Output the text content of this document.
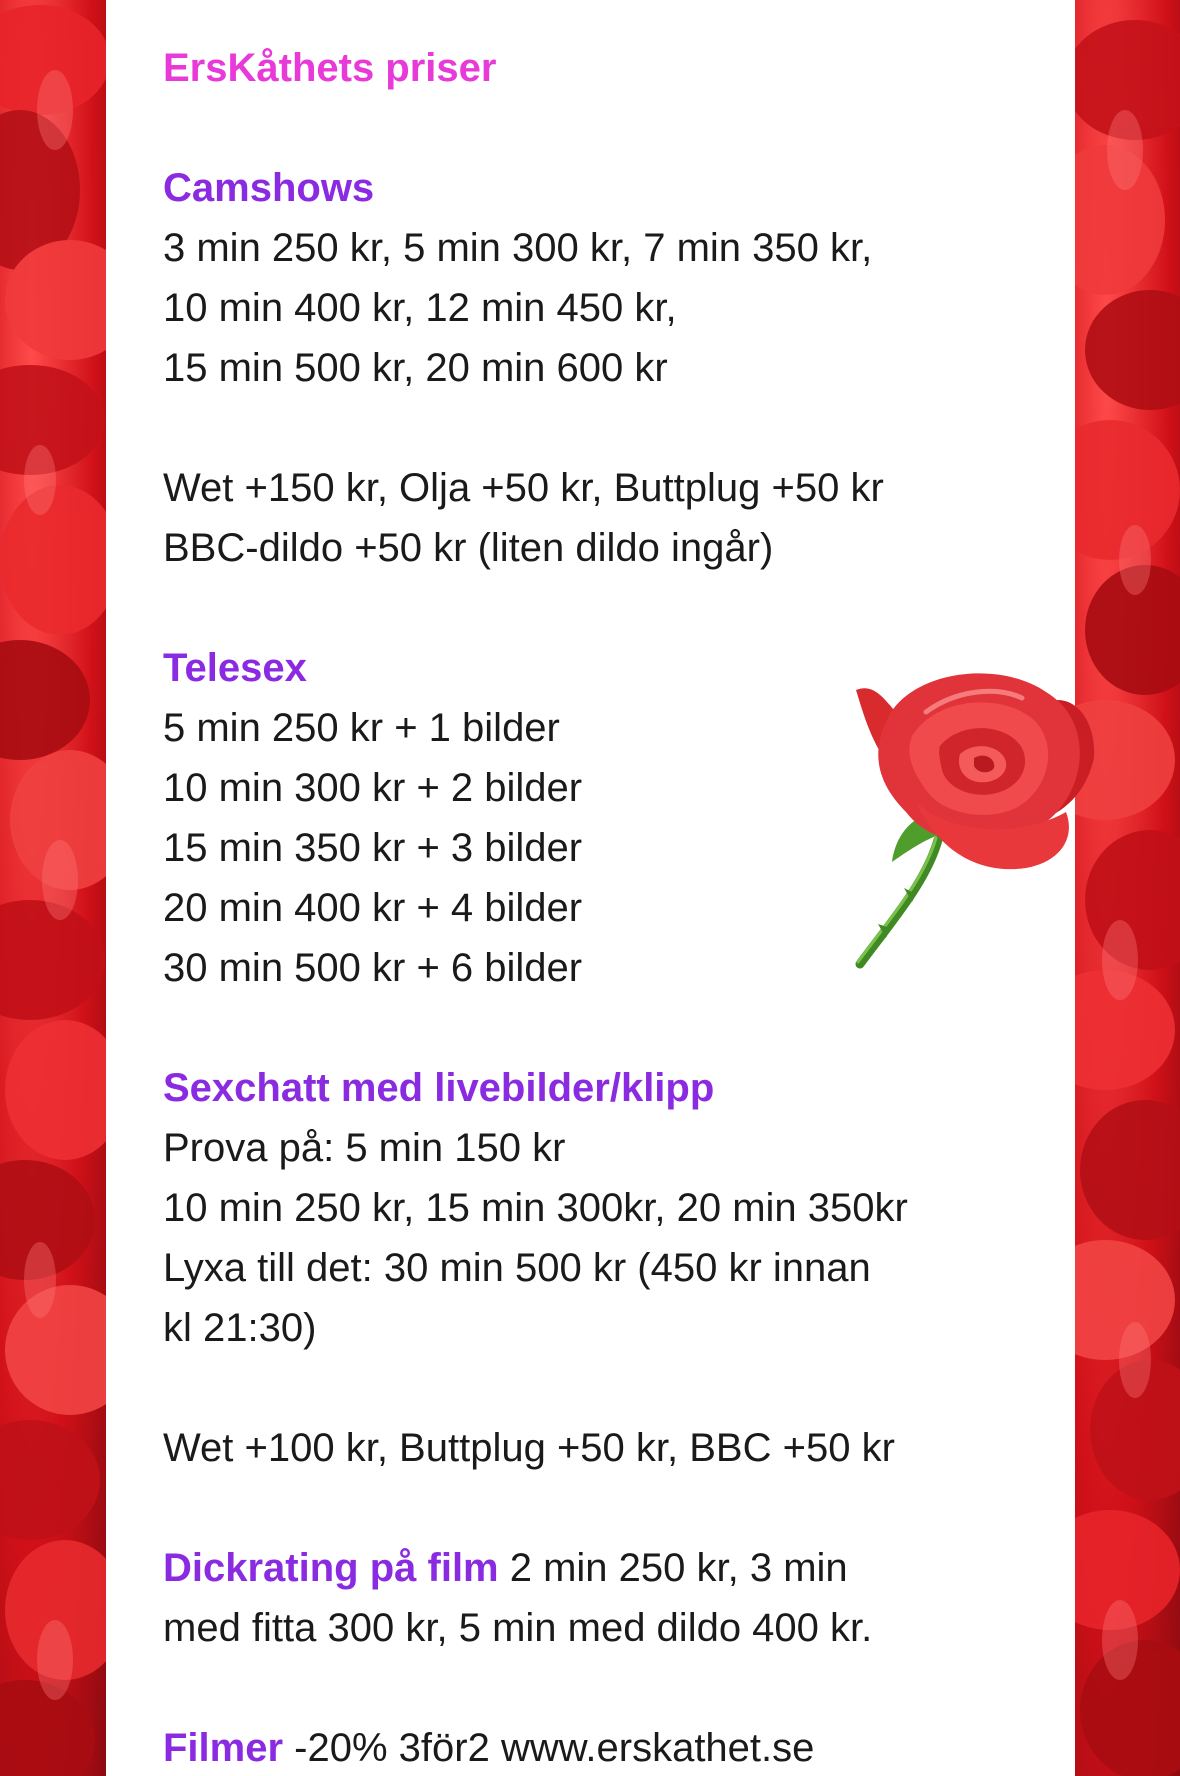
ErsKåthets priser

Camshows

3 min 250 kr, 5 min 300 kr, 7 min 350 kr,

10 min 400 kr, 12 min 450 kr,

15 min 500 kr, 20 min 600 kr

Wet +150 kr, Olja +50 kr, Buttplug +50 kr

BBC-dildo +50 kr (liten dildo ingår)

Telesex

5 min 250 kr + 1 bilder

10 min 300 kr + 2 bilder

15 min 350 kr + 3 bilder

20 min 400 kr + 4 bilder

30 min 500 kr + 6 bilder

Sexchatt med livebilder/klipp

Prova på: 5 min 150 kr

10 min 250 kr, 15 min 300kr, 20 min 350kr

Lyxa till det: 30 min 500 kr (450 kr innan

kl 21:30)

Wet +100 kr, Buttplug +50 kr, BBC +50 kr

Dickrating på film 2 min 250 kr, 3 min

med fitta 300 kr, 5 min med dildo 400 kr.

Filmer -20% 3för2 www.erskathet.se
